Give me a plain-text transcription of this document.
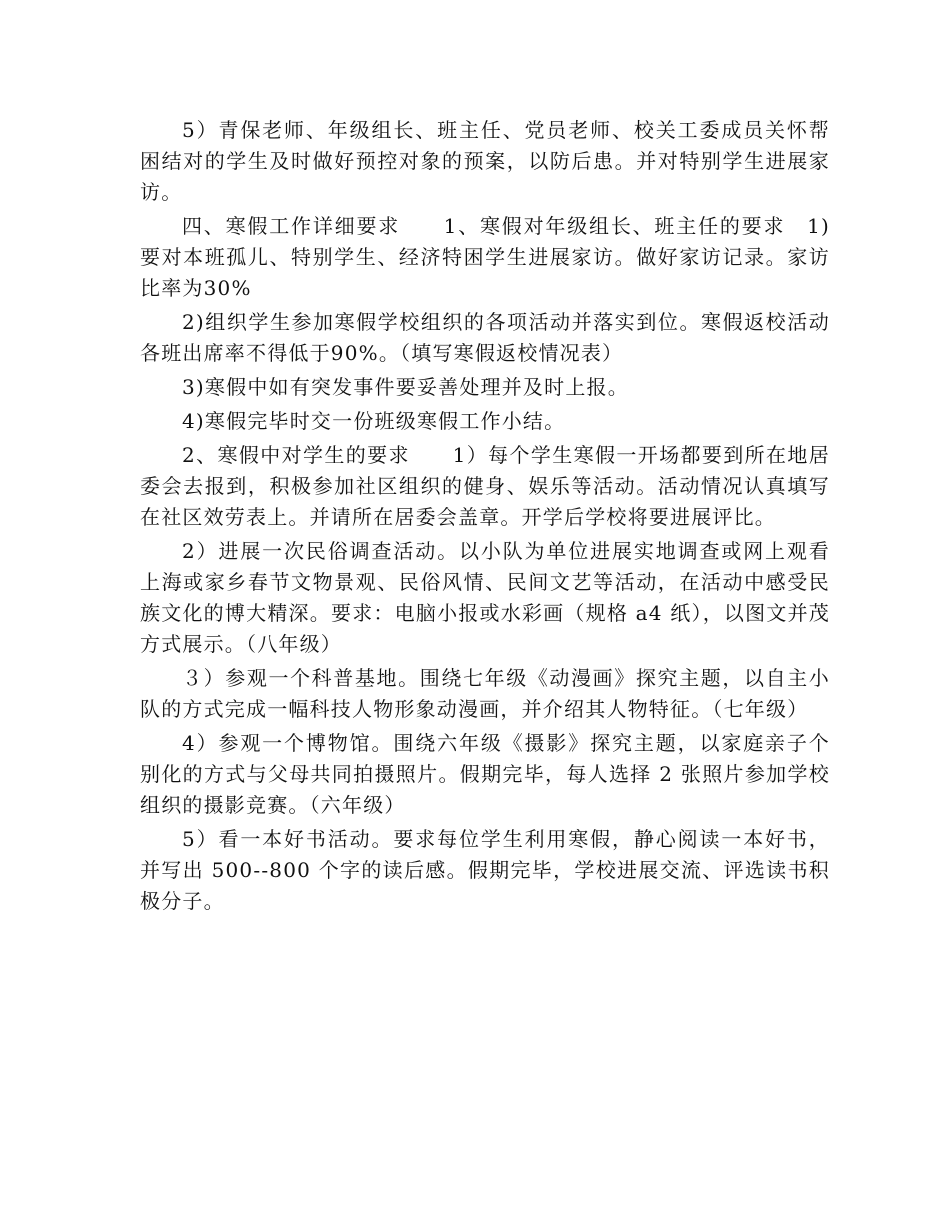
5）青保老师、年级组长、班主任、党员老师、校关工委成员关怀帮困结对的学生及时做好预控对象的预案，以防后患。并对特别学生进展家访。

四、寒假工作详细要求　　1、寒假对年级组长、班主任的要求　1)要对本班孤儿、特别学生、经济特困学生进展家访。做好家访记录。家访比率为30%

2)组织学生参加寒假学校组织的各项活动并落实到位。寒假返校活动各班出席率不得低于90%。（填写寒假返校情况表）

3)寒假中如有突发事件要妥善处理并及时上报。

4)寒假完毕时交一份班级寒假工作小结。

2、寒假中对学生的要求　　1）每个学生寒假一开场都要到所在地居委会去报到，积极参加社区组织的健身、娱乐等活动。活动情况认真填写在社区效劳表上。并请所在居委会盖章。开学后学校将要进展评比。

2）进展一次民俗调查活动。以小队为单位进展实地调查或网上观看上海或家乡春节文物景观、民俗风情、民间文艺等活动，在活动中感受民族文化的博大精深。要求：电脑小报或水彩画（规格 a4 纸），以图文并茂方式展示。（八年级）

３）参观一个科普基地。围绕七年级《动漫画》探究主题，以自主小队的方式完成一幅科技人物形象动漫画，并介绍其人物特征。（七年级）

4）参观一个博物馆。围绕六年级《摄影》探究主题，以家庭亲子个别化的方式与父母共同拍摄照片。假期完毕，每人选择 2 张照片参加学校组织的摄影竞赛。（六年级）

5）看一本好书活动。要求每位学生利用寒假，静心阅读一本好书，并写出 500--800 个字的读后感。假期完毕，学校进展交流、评选读书积极分子。
